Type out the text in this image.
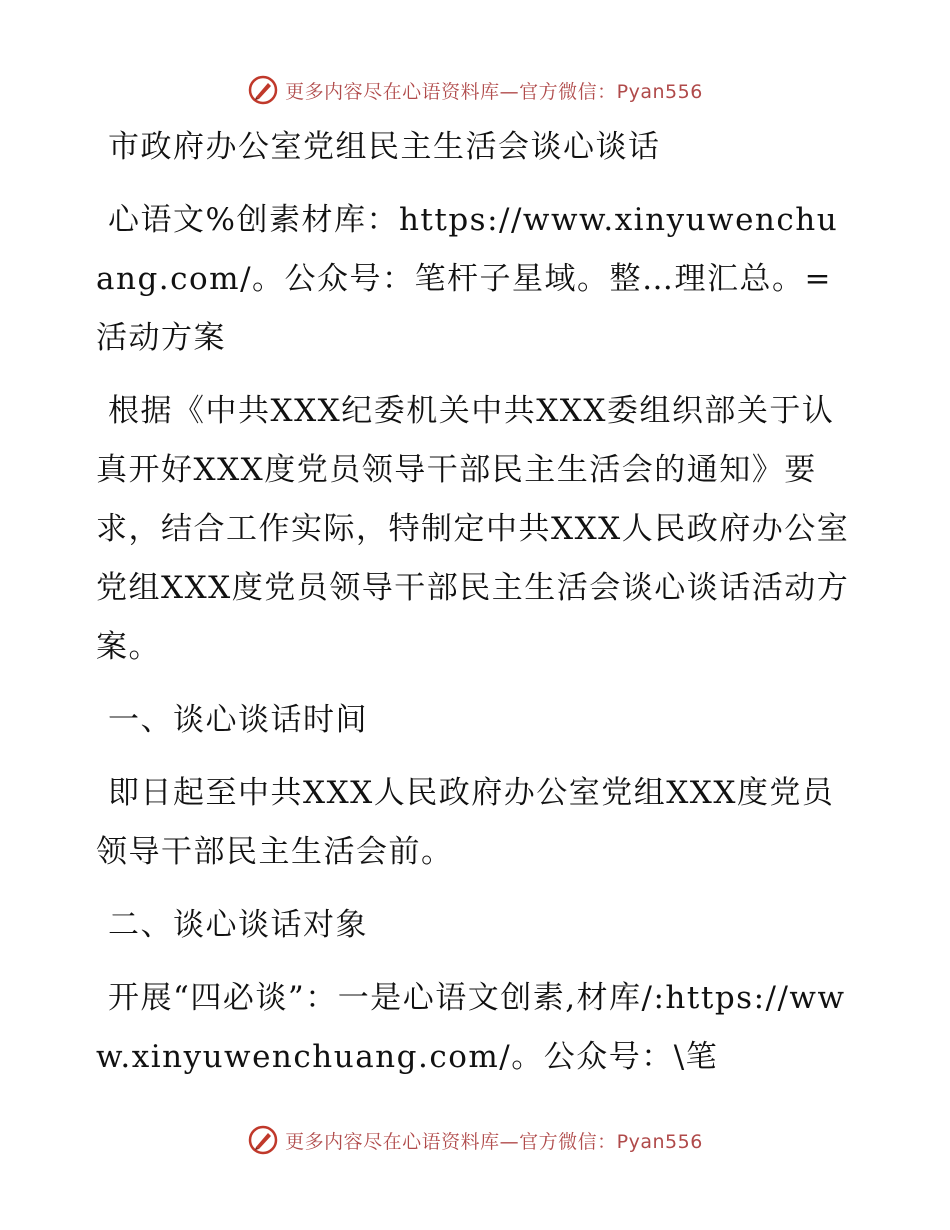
更多内容尽在心语资料库—官方微信：Pyan556

市政府办公室党组民主生活会谈心谈话

心语文%创素材库：https://www.xinyuwenchuang.com/。公众号：笔杆子星域。整…理汇总。=活动方案

根据《中共XXX纪委机关中共XXX委组织部关于认真开好XXX度党员领导干部民主生活会的通知》要求，结合工作实际，特制定中共XXX人民政府办公室党组XXX度党员领导干部民主生活会谈心谈话活动方案。

一、谈心谈话时间

即日起至中共XXX人民政府办公室党组XXX度党员领导干部民主生活会前。

二、谈心谈话对象

开展“四必谈”：一是心语文创素,材库/:https://www.xinyuwenchuang.com/。公众号：\笔

更多内容尽在心语资料库—官方微信：Pyan556
